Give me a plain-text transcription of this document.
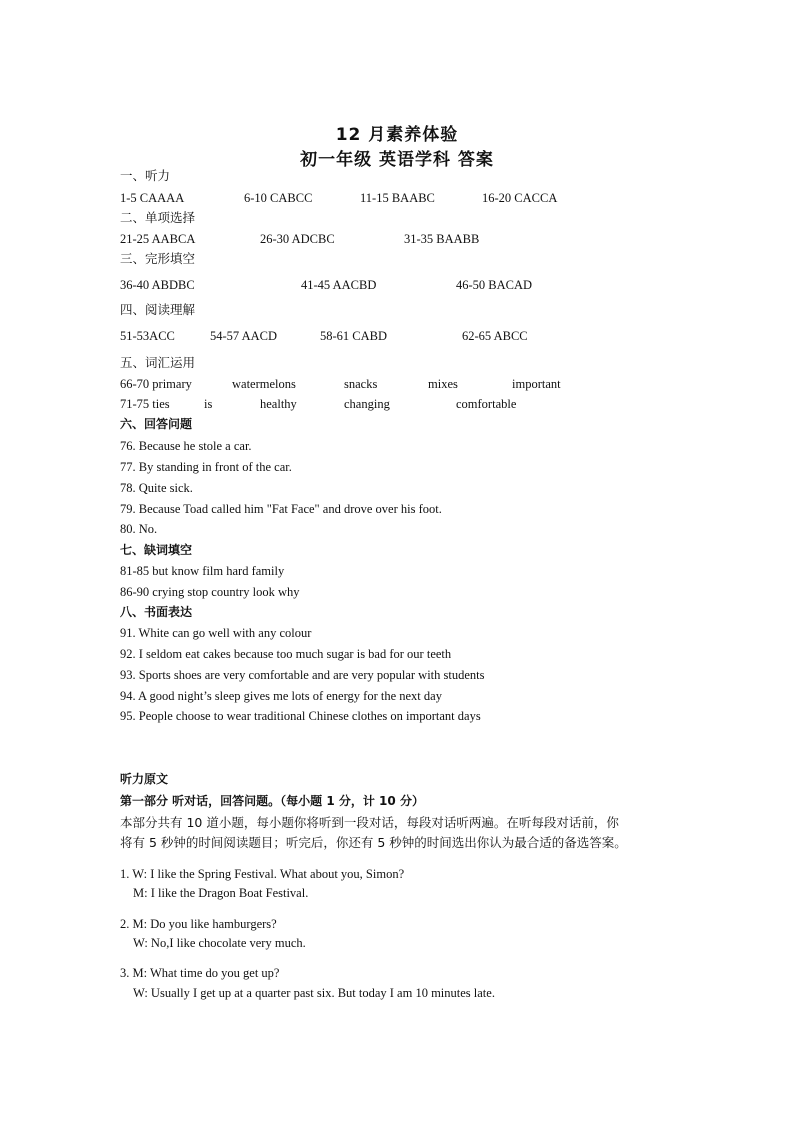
12 月素养体验
初一年级 英语学科 答案
一、听力
1-5 CAAAA	6-10 CABCC	11-15 BAABC	16-20 CACCA
二、单项选择
21-25 AABCA	26-30 ADCBC	31-35 BAABB
三、完形填空
36-40 ABDBC	41-45 AACBD	46-50 BACAD
四、阅读理解
51-53ACC	54-57 AACD	58-61 CABD	62-65 ABCC
五、词汇运用
66-70 primary	watermelons	snacks	mixes	important
71-75 ties	is	healthy	changing	comfortable
六、回答问题
76. Because he stole a car.
77. By standing in front of the car.
78. Quite sick.
79. Because Toad called him "Fat Face" and drove over his foot.
80. No.
七、缺词填空
81-85 but know film hard family
86-90 crying stop country look why
八、书面表达
91. White can go well with any colour
92. I seldom eat cakes because too much sugar is bad for our teeth
93. Sports shoes are very comfortable and are very popular with students
94. A good night’s sleep gives me lots of energy for the next day
95. People choose to wear traditional Chinese clothes on important days
听力原文
第一部分 听对话，回答问题。（每小题 1 分，计 10 分）
本部分共有 10 道小题，每小题你将听到一段对话，每段对话听两遍。在听每段对话前，你
将有 5 秒钟的时间阅读题目；听完后，你还有 5 秒钟的时间选出你认为最合适的备选答案。
1. W: I like the Spring Festival. What about you, Simon?
M: I like the Dragon Boat Festival.
2. M: Do you like hamburgers?
W: No,I like chocolate very much.
3. M: What time do you get up?
W: Usually I get up at a quarter past six. But today I am 10 minutes late.
